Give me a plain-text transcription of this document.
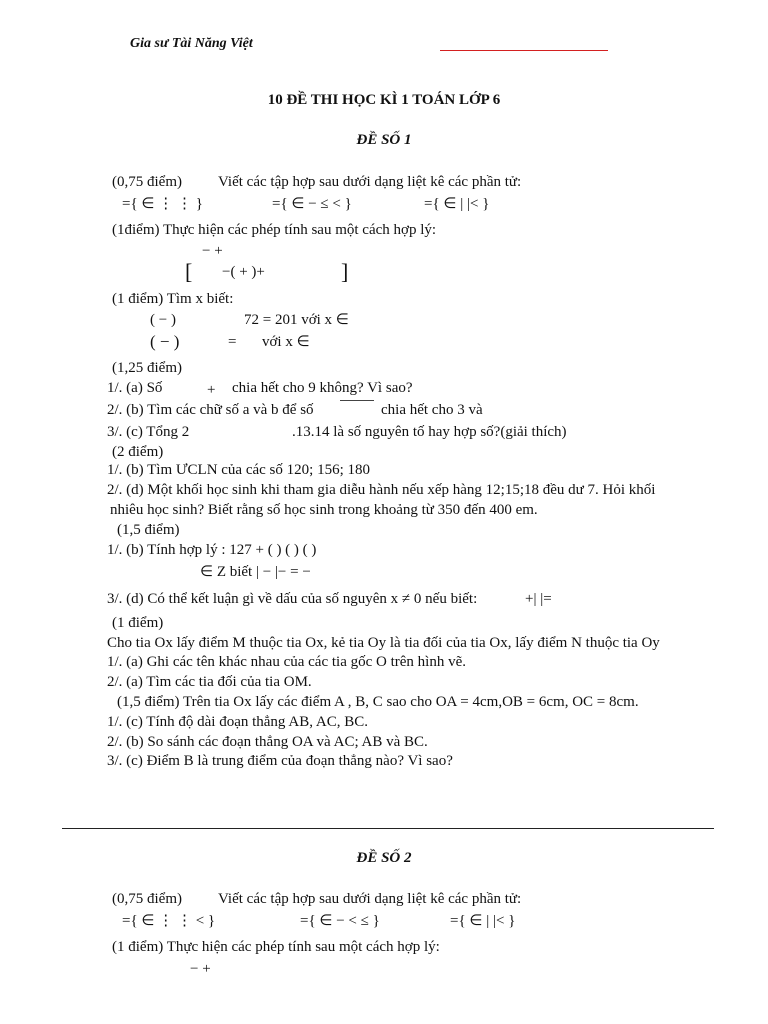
Gia sư Tài Năng Việt
10 ĐỀ THI HỌC KÌ 1 TOÁN LỚP 6
ĐỀ SỐ 1
(0,75 điểm) Viết các tập hợp sau dưới dạng liệt kê các phần tử:
={ ∈ ⋮ ⋮ }	={ ∈ − ≤ < }	={ ∈ | |< }
(1điểm) Thực hiện các phép tính sau một cách hợp lý:
− +
[ −( + )+	]
(1 điểm) Tìm x biết:
( − )	72 = 201 với x ∈
( − )	= với x ∈
(1,25 điểm)
1/. (a) Số	+ chia hết cho 9 không? Vì sao?
2/. (b) Tìm các chữ số a và b để số	chia hết cho 3 và
3/. (c) Tổng 2	.13.14 là số nguyên tố hay hợp số?(giải thích)
(2 điểm)
1/. (b) Tìm ƯCLN của các số 120; 156; 180
2/. (d) Một khối học sinh khi tham gia diễu hành nếu xếp hàng 12;15;18 đều dư 7. Hỏi khối
nhiêu học sinh? Biết rằng số học sinh trong khoảng từ 350 đến 400 em.
(1,5 điểm)
1/. (b) Tính hợp lý : 127 + ( ) ( ) ( )
∈ Z biết | − |− = −
3/. (d) Có thể kết luận gì về dấu của số nguyên x ≠ 0 nếu biết:	+| |=
(1 điểm)
Cho tia Ox lấy điểm M thuộc tia Ox, kẻ tia Oy là tia đối của tia Ox, lấy điểm N thuộc tia Oy
1/. (a) Ghi các tên khác nhau của các tia gốc O trên hình vẽ.
2/. (a) Tìm các tia đối của tia OM.
(1,5 điểm) Trên tia Ox lấy các điểm A , B, C sao cho OA = 4cm,OB = 6cm, OC = 8cm.
1/. (c) Tính độ dài đoạn thẳng AB, AC, BC.
2/. (b) So sánh các đoạn thẳng OA và AC; AB và BC.
3/. (c) Điểm B là trung điểm của đoạn thẳng nào? Vì sao?
ĐỀ SỐ 2
(0,75 điểm) Viết các tập hợp sau dưới dạng liệt kê các phần tử:
={ ∈ ⋮ ⋮ < }	={ ∈ − < ≤ }	={ ∈ | |< }
(1 điểm) Thực hiện các phép tính sau một cách hợp lý:
− +
